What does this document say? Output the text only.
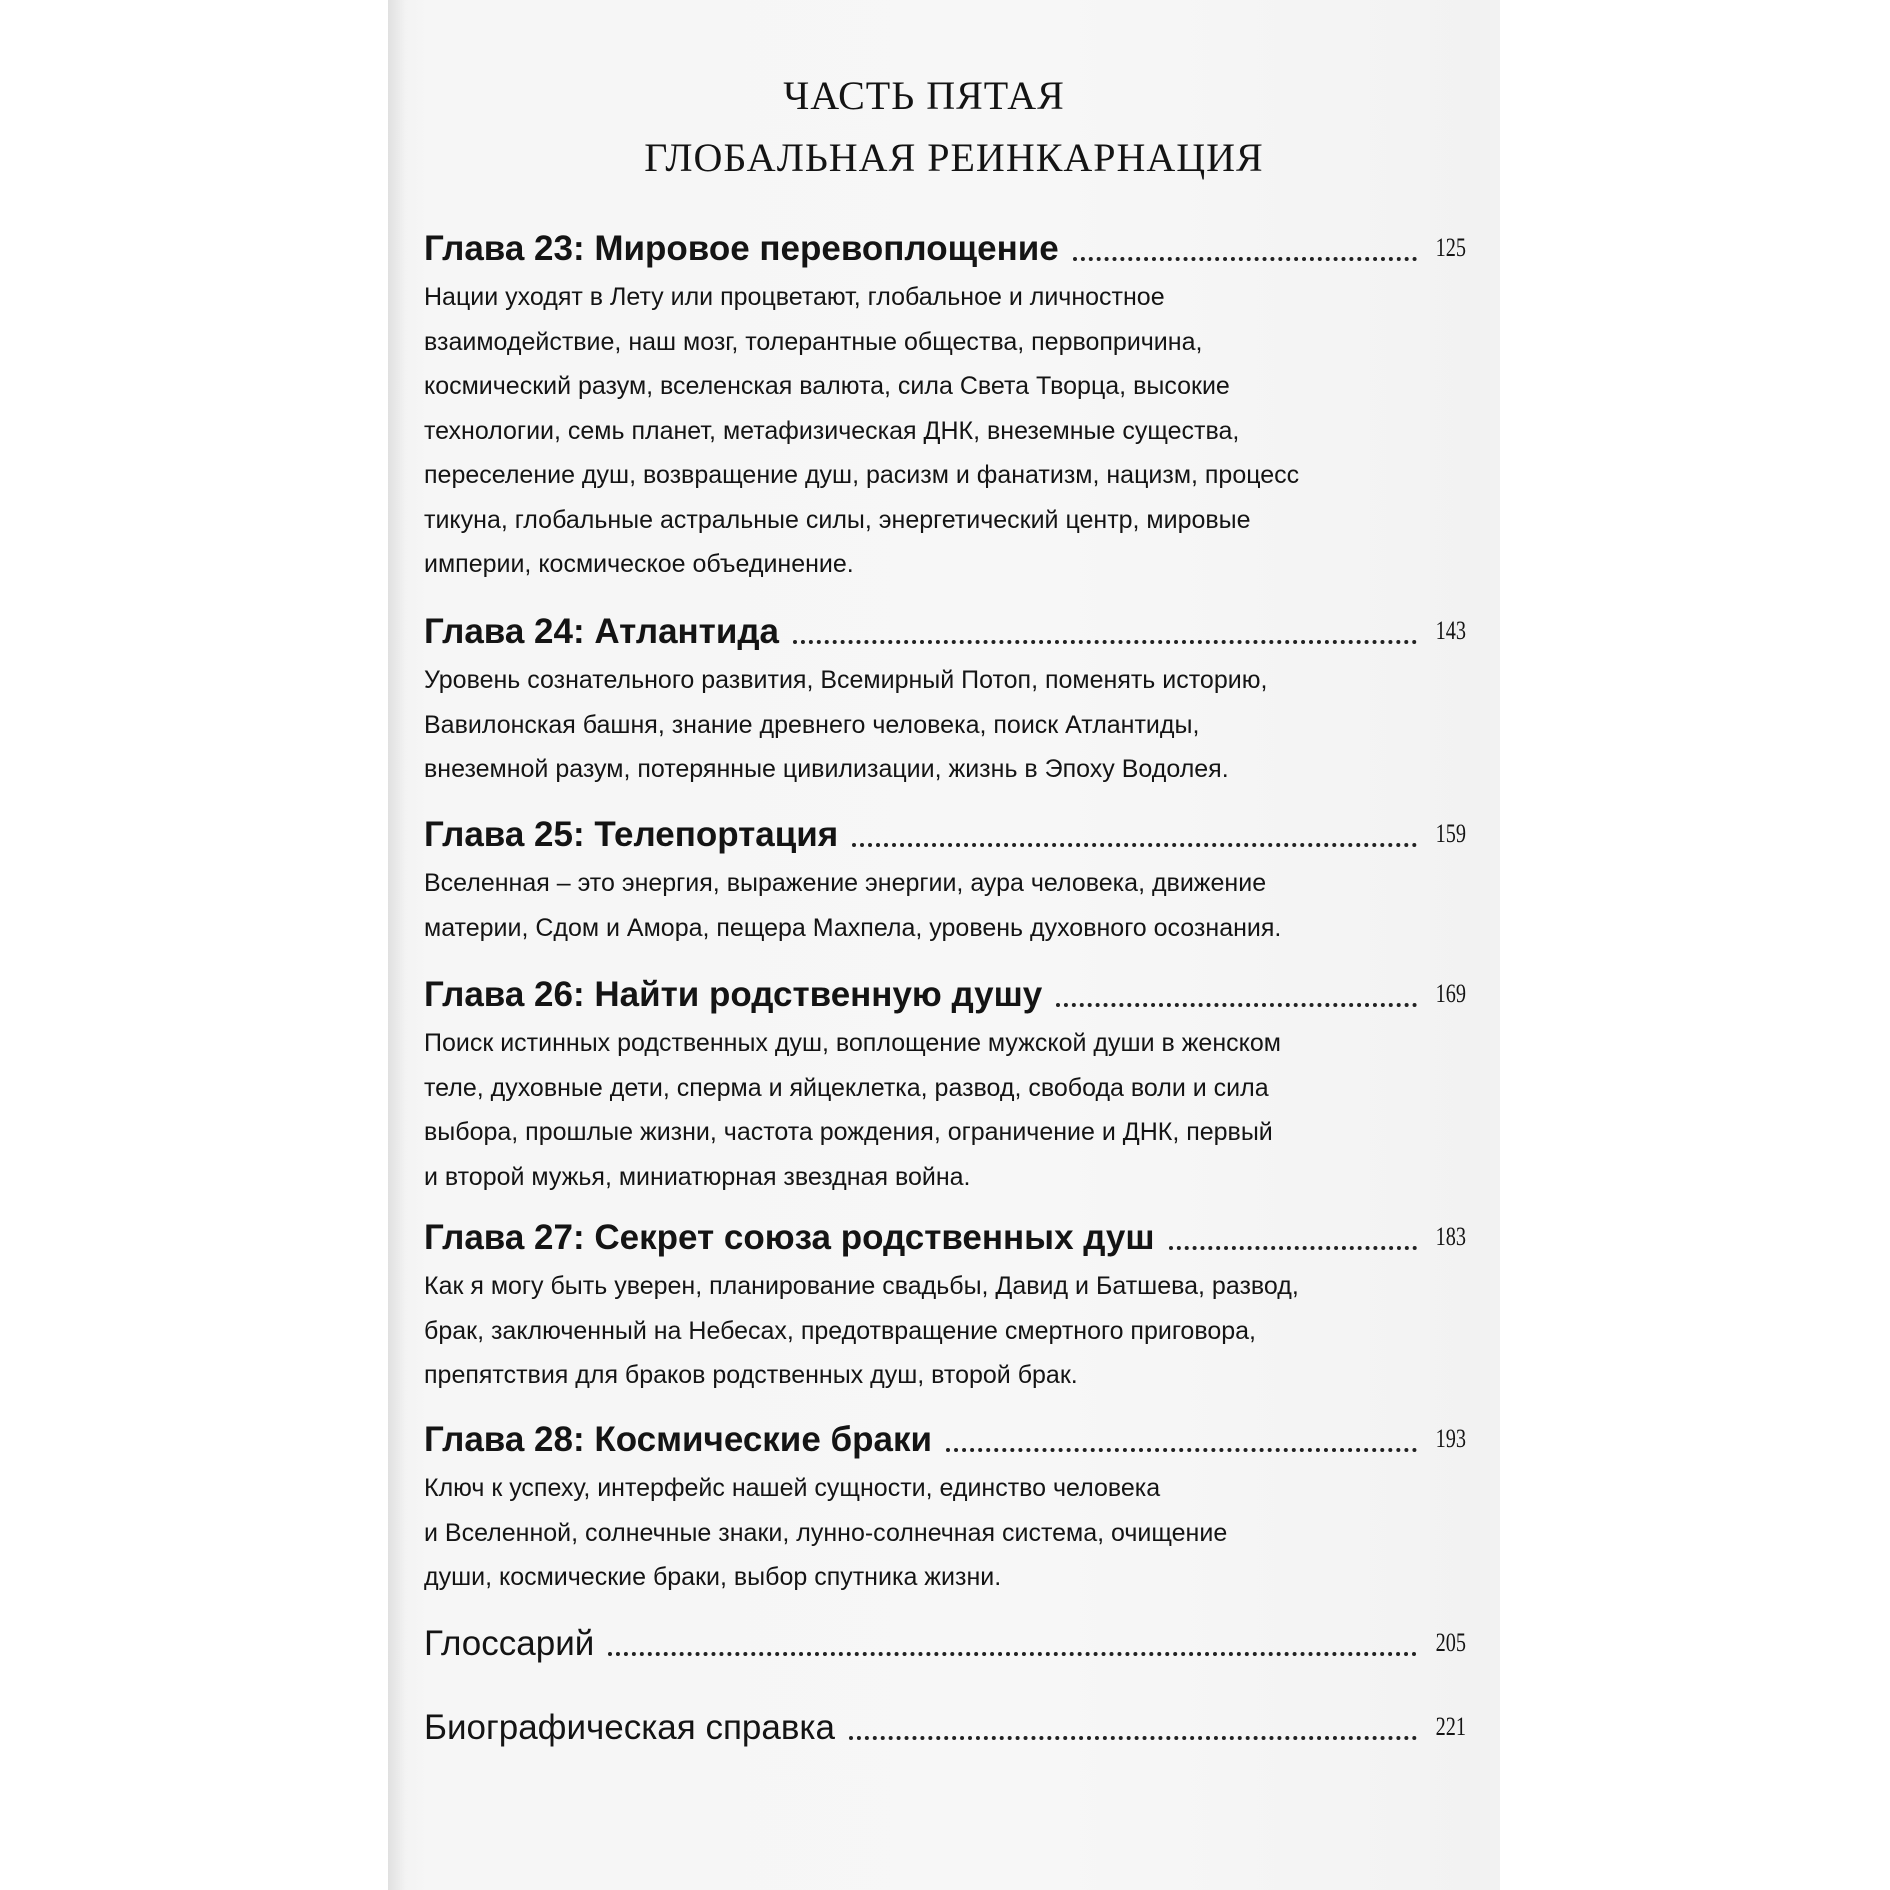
ЧАСТЬ ПЯТАЯ
ГЛОБАЛЬНАЯ РЕИНКАРНАЦИЯ
Глава 23: Мировое перевоплощение	125
Нации уходят в Лету или процветают, глобальное и личностное
взаимодействие, наш мозг, толерантные общества, первопричина,
космический разум, вселенская валюта, сила Света Творца, высокие
технологии, семь планет, метафизическая ДНК, внеземные существа,
переселение душ, возвращение душ, расизм и фанатизм, нацизм, процесс
тикуна, глобальные астральные силы, энергетический центр, мировые
империи, космическое объединение.
Глава 24: Атлантида	143
Уровень сознательного развития, Всемирный Потоп, поменять историю,
Вавилонская башня, знание древнего человека, поиск Атлантиды,
внеземной разум, потерянные цивилизации, жизнь в Эпоху Водолея.
Глава 25: Телепортация	159
Вселенная – это энергия, выражение энергии, аура человека, движение
материи, Сдом и Амора, пещера Махпела, уровень духовного осознания.
Глава 26: Найти родственную душу	169
Поиск истинных родственных душ, воплощение мужской души в женском
теле, духовные дети, сперма и яйцеклетка, развод, свобода воли и сила
выбора, прошлые жизни, частота рождения, ограничение и ДНК, первый
и второй мужья, миниатюрная звездная война.
Глава 27: Секрет союза родственных душ	183
Как я могу быть уверен, планирование свадьбы, Давид и Батшева, развод,
брак, заключенный на Небесах, предотвращение смертного приговора,
препятствия для браков родственных душ, второй брак.
Глава 28: Космические браки	193
Ключ к успеху, интерфейс нашей сущности, единство человека
и Вселенной, солнечные знаки, лунно-солнечная система, очищение
души, космические браки, выбор спутника жизни.
Глоссарий	205
Биографическая справка	221
